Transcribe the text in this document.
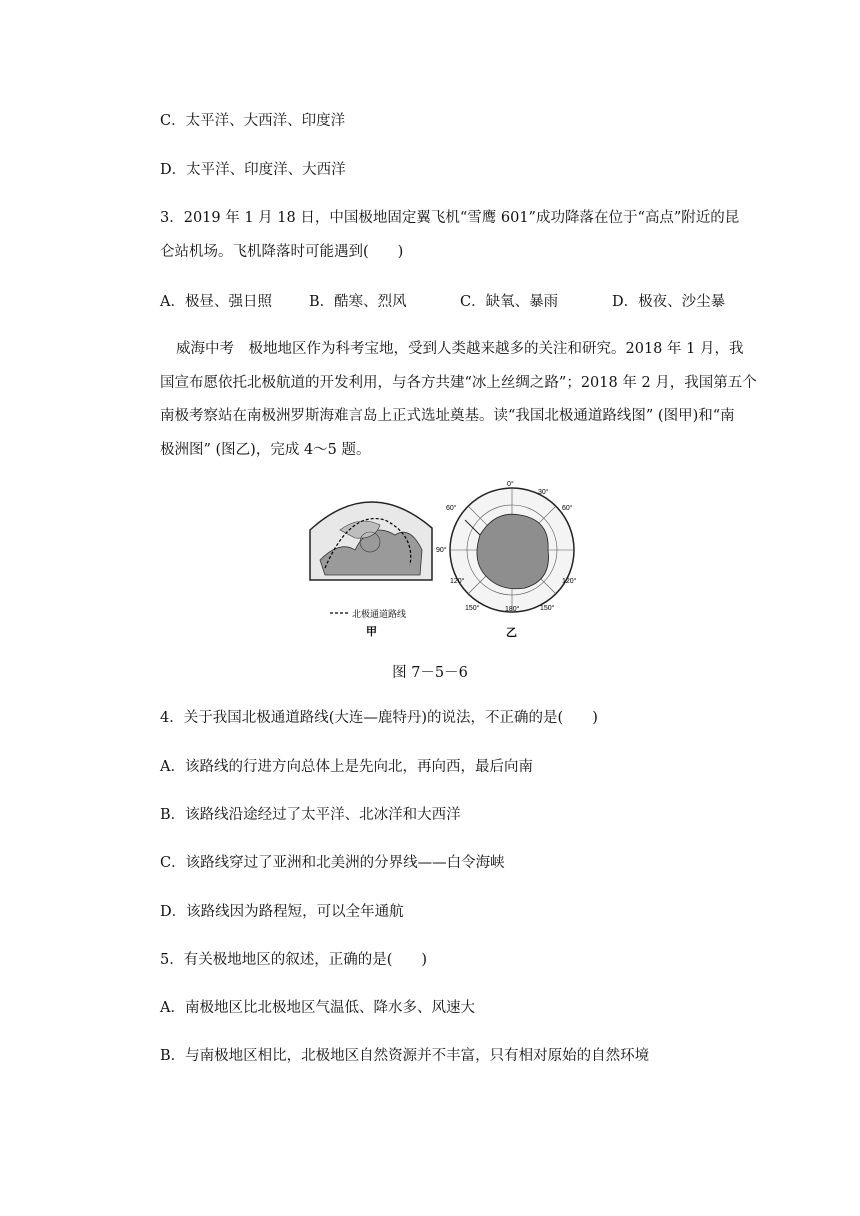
C．太平洋、大西洋、印度洋
D．太平洋、印度洋、大西洋
3．2019 年 1 月 18 日，中国极地固定翼飞机“雪鹰 601”成功降落在位于“高点”附近的昆
仑站机场。飞机降落时可能遇到(　　)
A．极昼、强日照	B．酷寒、烈风	C．缺氧、暴雨	D．极夜、沙尘暴
威海中考　极地地区作为科考宝地，受到人类越来越多的关注和研究。2018 年 1 月，我
国宣布愿依托北极航道的开发利用，与各方共建“冰上丝绸之路”；2018 年 2 月，我国第五个
南极考察站在南极洲罗斯海难言岛上正式选址奠基。读“我国北极通道路线图” (图甲)和“南
极洲图” (图乙)，完成 4～5 题。
北极通道路线
甲
0°
30°
60°	60°
90°
120°	120°
150°	150°
180°
乙
图 7－5－6
4．关于我国北极通道路线(大连—鹿特丹)的说法，不正确的是(　　)
A．该路线的行进方向总体上是先向北，再向西，最后向南
B．该路线沿途经过了太平洋、北冰洋和大西洋
C．该路线穿过了亚洲和北美洲的分界线——白令海峡
D．该路线因为路程短，可以全年通航
5．有关极地地区的叙述，正确的是(　　)
A．南极地区比北极地区气温低、降水多、风速大
B．与南极地区相比，北极地区自然资源并不丰富，只有相对原始的自然环境
